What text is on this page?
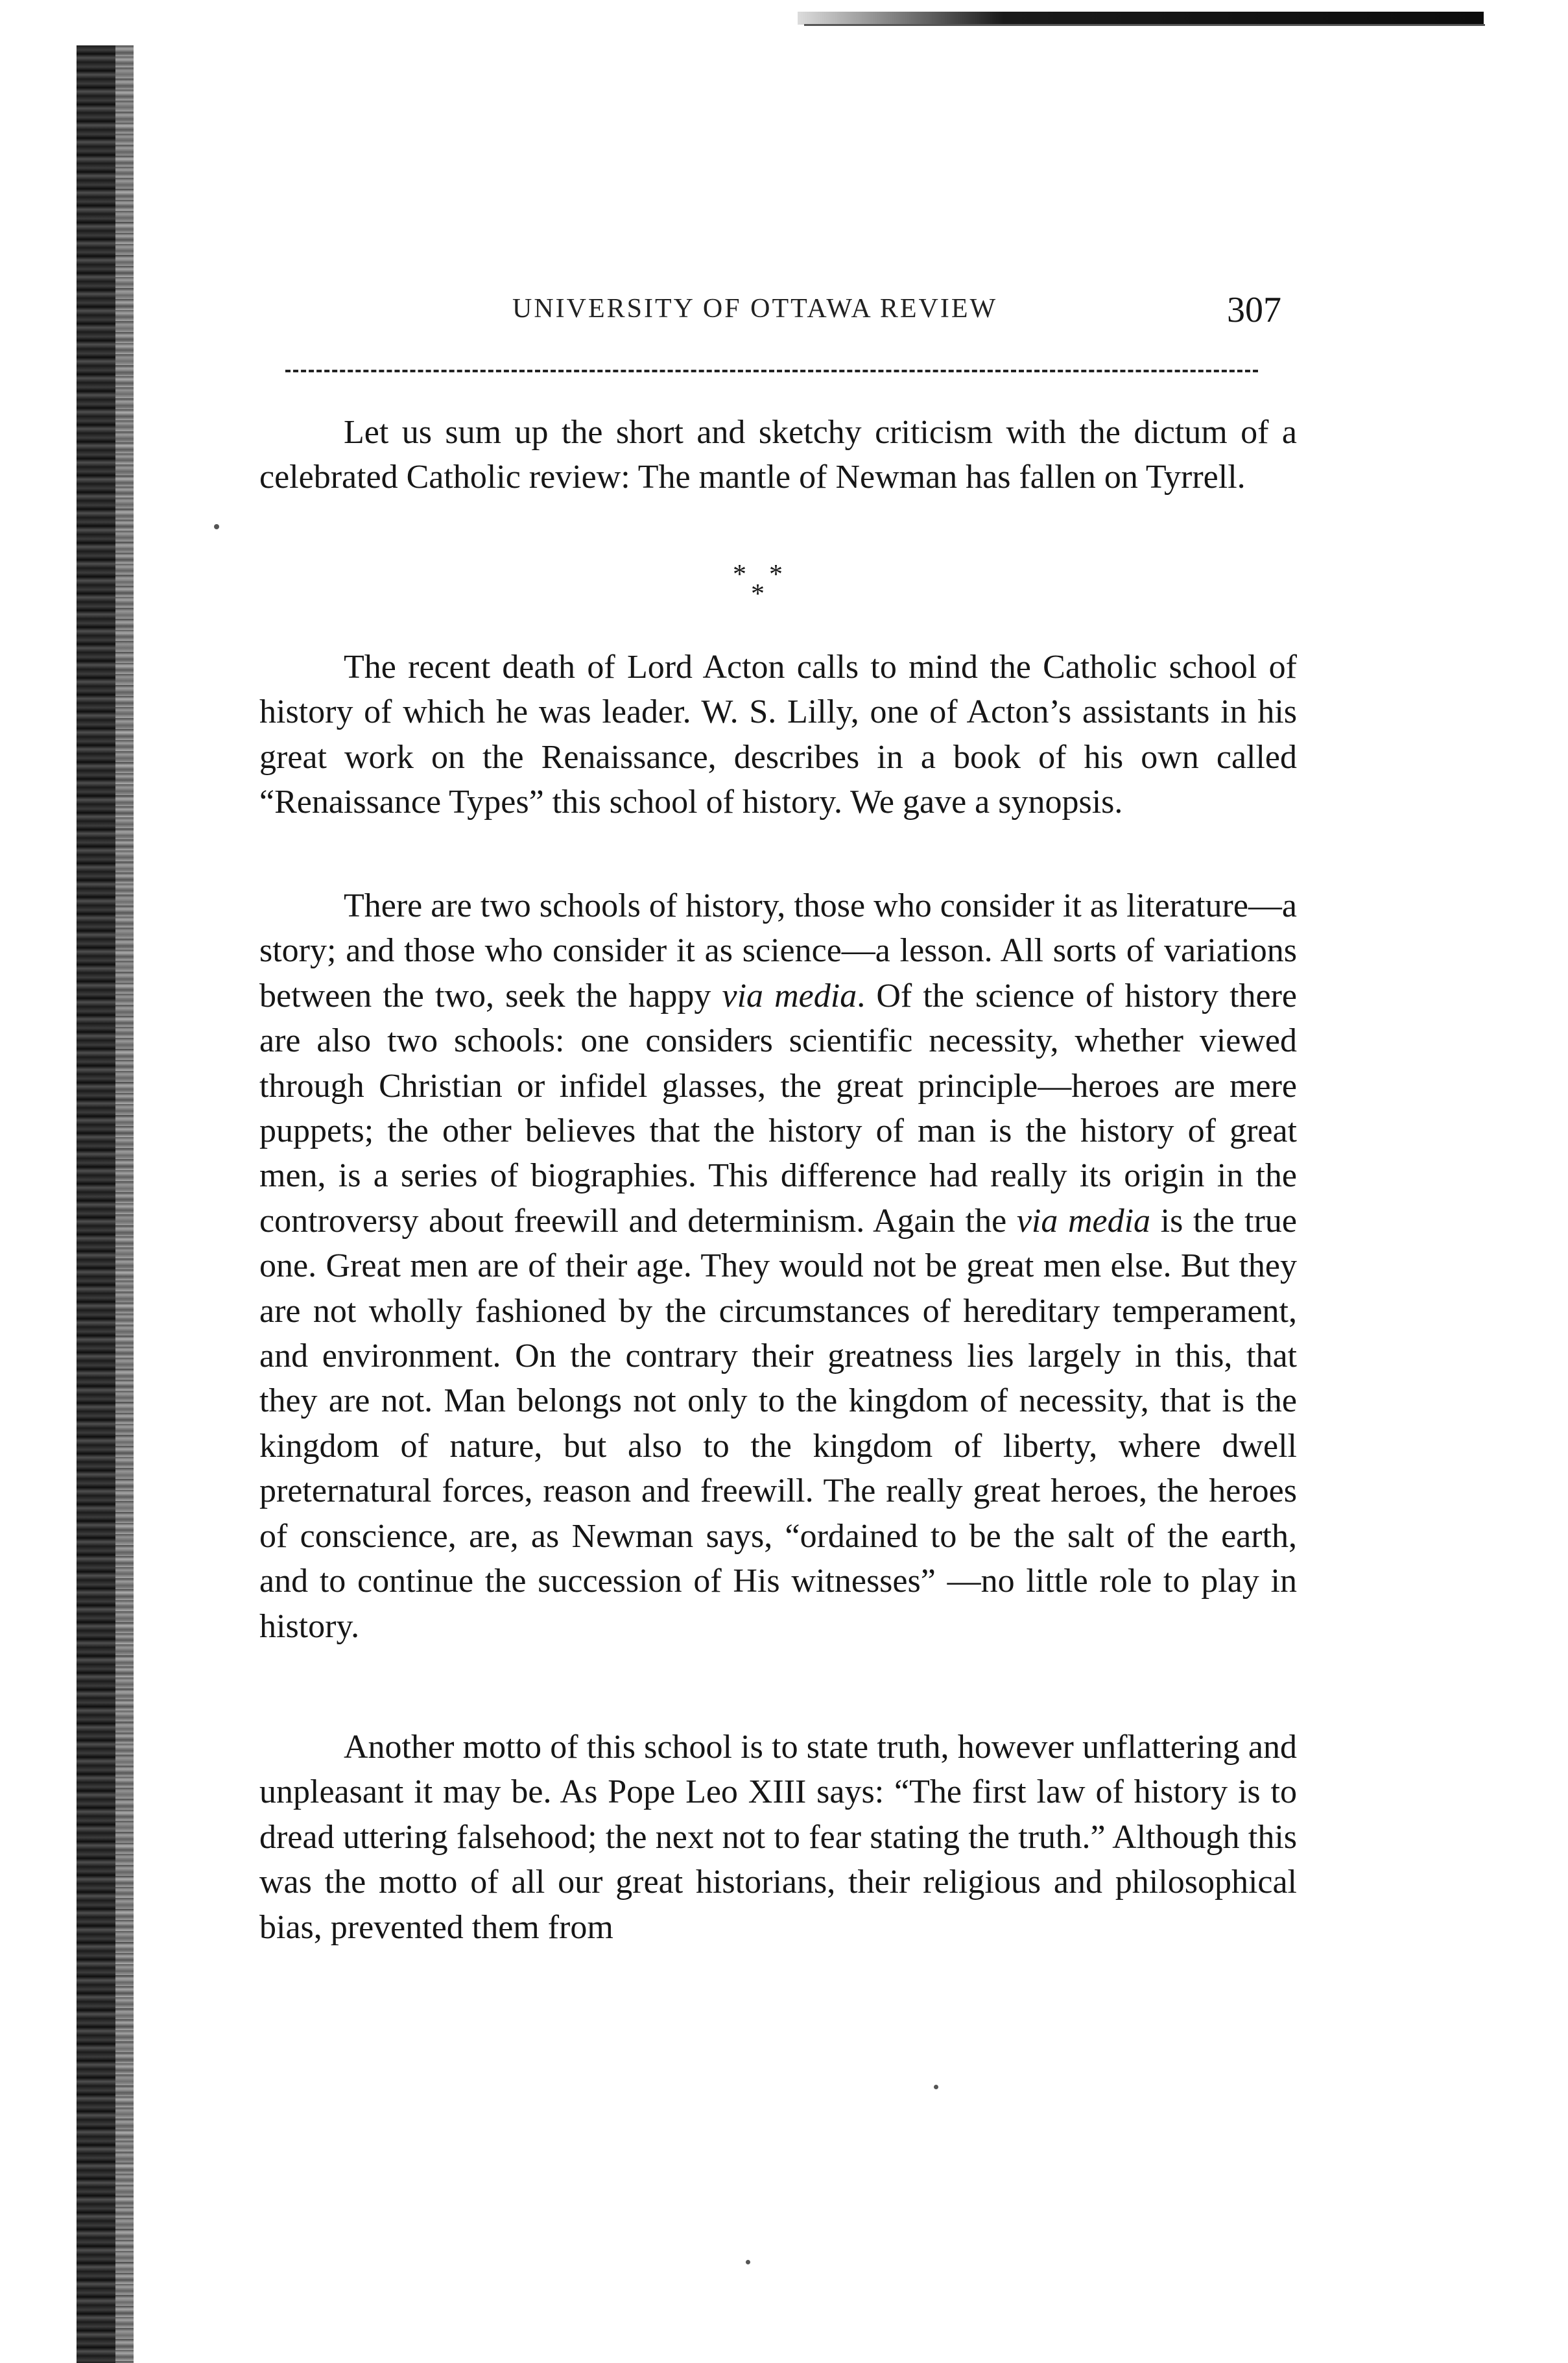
UNIVERSITY OF OTTAWA REVIEW	307

Let us sum up the short and sketchy criticism with the dictum of a celebrated Catholic review: The mantle of Newman has fallen on Tyrrell.

* *
*

The recent death of Lord Acton calls to mind the Catholic school of history of which he was leader. W. S. Lilly, one of Acton’s assistants in his great work on the Renaissance, describes in a book of his own called “Renaissance Types” this school of history. We gave a synopsis.

There are two schools of history, those who consider it as literature—a story; and those who consider it as science—a lesson. All sorts of variations between the two, seek the happy via media. Of the science of history there are also two schools: one considers scientific necessity, whether viewed through Christian or infidel glasses, the great principle—heroes are mere puppets; the other believes that the history of man is the history of great men, is a series of biographies. This difference had really its origin in the controversy about freewill and determinism. Again the via media is the true one. Great men are of their age. They would not be great men else. But they are not wholly fashioned by the circumstances of hereditary temperament, and environment. On the contrary their greatness lies largely in this, that they are not. Man belongs not only to the kingdom of necessity, that is the kingdom of nature, but also to the kingdom of liberty, where dwell preternatural forces, reason and freewill. The really great heroes, the heroes of conscience, are, as Newman says, “ordained to be the salt of the earth, and to continue the succession of His witnesses” —no little role to play in history.

Another motto of this school is to state truth, however unflattering and unpleasant it may be. As Pope Leo XIII says: “The first law of history is to dread uttering falsehood; the next not to fear stating the truth.” Although this was the motto of all our great historians, their religious and philosophical bias, prevented them from
